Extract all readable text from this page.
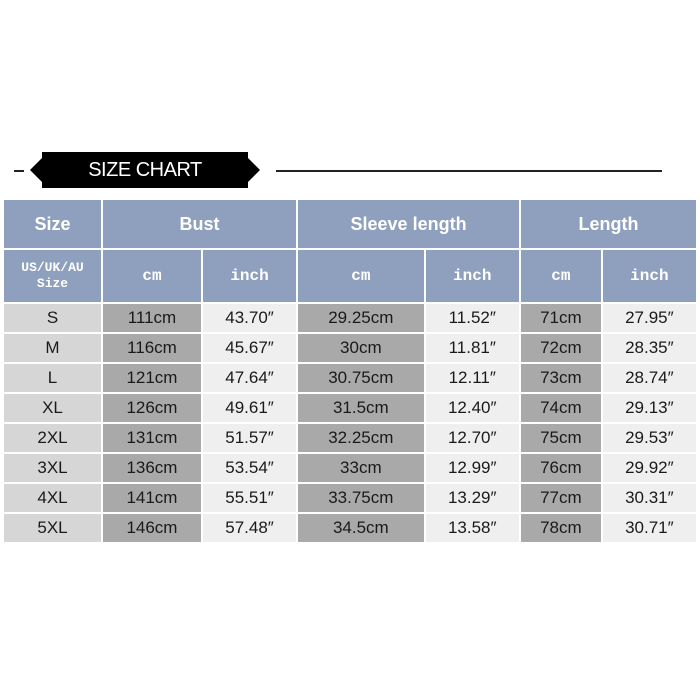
SIZE CHART
Size	Bust		Sleeve length		Length	

US/UK/AU
Size	cm	inch	cm	inch	cm	inch
S	111cm	43.70″	29.25cm	11.52″	71cm	27.95″
M	116cm	45.67″	30cm	11.81″	72cm	28.35″
L	121cm	47.64″	30.75cm	12.11″	73cm	28.74″
XL	126cm	49.61″	31.5cm	12.40″	74cm	29.13″
2XL	131cm	51.57″	32.25cm	12.70″	75cm	29.53″
3XL	136cm	53.54″	33cm	12.99″	76cm	29.92″
4XL	141cm	55.51″	33.75cm	13.29″	77cm	30.31″
5XL	146cm	57.48″	34.5cm	13.58″	78cm	30.71″
